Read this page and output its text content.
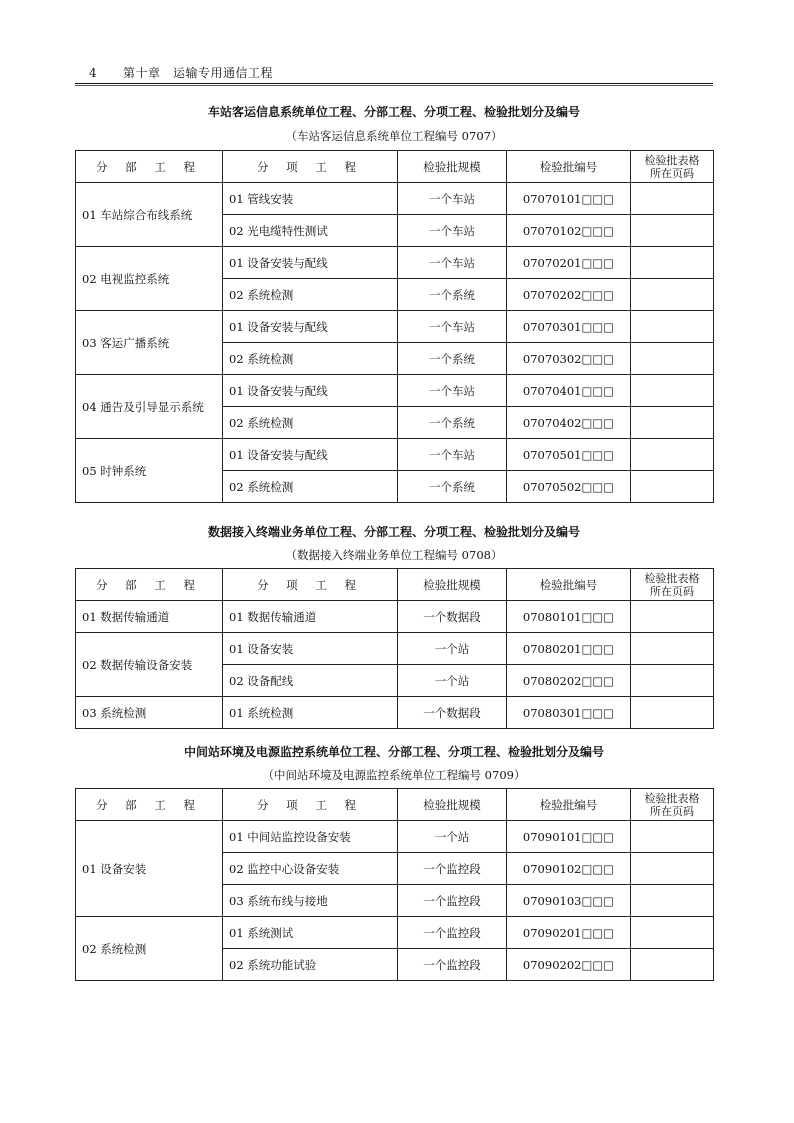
4 第十章　运输专用通信工程
车站客运信息系统单位工程、分部工程、分项工程、检验批划分及编号
（车站客运信息系统单位工程编号 0707）
分 部 工 程	分 项 工 程	检验批规模	检验批编号	检验批表格
所在页码

01 车站综合布线系统	01 管线安装	一个车站	07070101□□□	
	02 光电缆特性测试	一个车站	07070102□□□	
02 电视监控系统	01 设备安装与配线	一个车站	07070201□□□	
	02 系统检测	一个系统	07070202□□□	
03 客运广播系统	01 设备安装与配线	一个车站	07070301□□□	
	02 系统检测	一个系统	07070302□□□	
04 通告及引导显示系统	01 设备安装与配线	一个车站	07070401□□□	
	02 系统检测	一个系统	07070402□□□	
05 时钟系统	01 设备安装与配线	一个车站	07070501□□□	
	02 系统检测	一个系统	07070502□□□	
数据接入终端业务单位工程、分部工程、分项工程、检验批划分及编号
（数据接入终端业务单位工程编号 0708）
分 部 工 程	分 项 工 程	检验批规模	检验批编号	检验批表格
所在页码

01 数据传输通道	01 数据传输通道	一个数据段	07080101□□□	
02 数据传输设备安装	01 设备安装	一个站	07080201□□□	
	02 设备配线	一个站	07080202□□□	
03 系统检测	01 系统检测	一个数据段	07080301□□□	
中间站环境及电源监控系统单位工程、分部工程、分项工程、检验批划分及编号
（中间站环境及电源监控系统单位工程编号 0709）
分 部 工 程	分 项 工 程	检验批规模	检验批编号	检验批表格
所在页码

01 设备安装	01 中间站监控设备安装	一个站	07090101□□□	
	02 监控中心设备安装	一个监控段	07090102□□□	
	03 系统布线与接地	一个监控段	07090103□□□	
02 系统检测	01 系统测试	一个监控段	07090201□□□	
	02 系统功能试验	一个监控段	07090202□□□	
